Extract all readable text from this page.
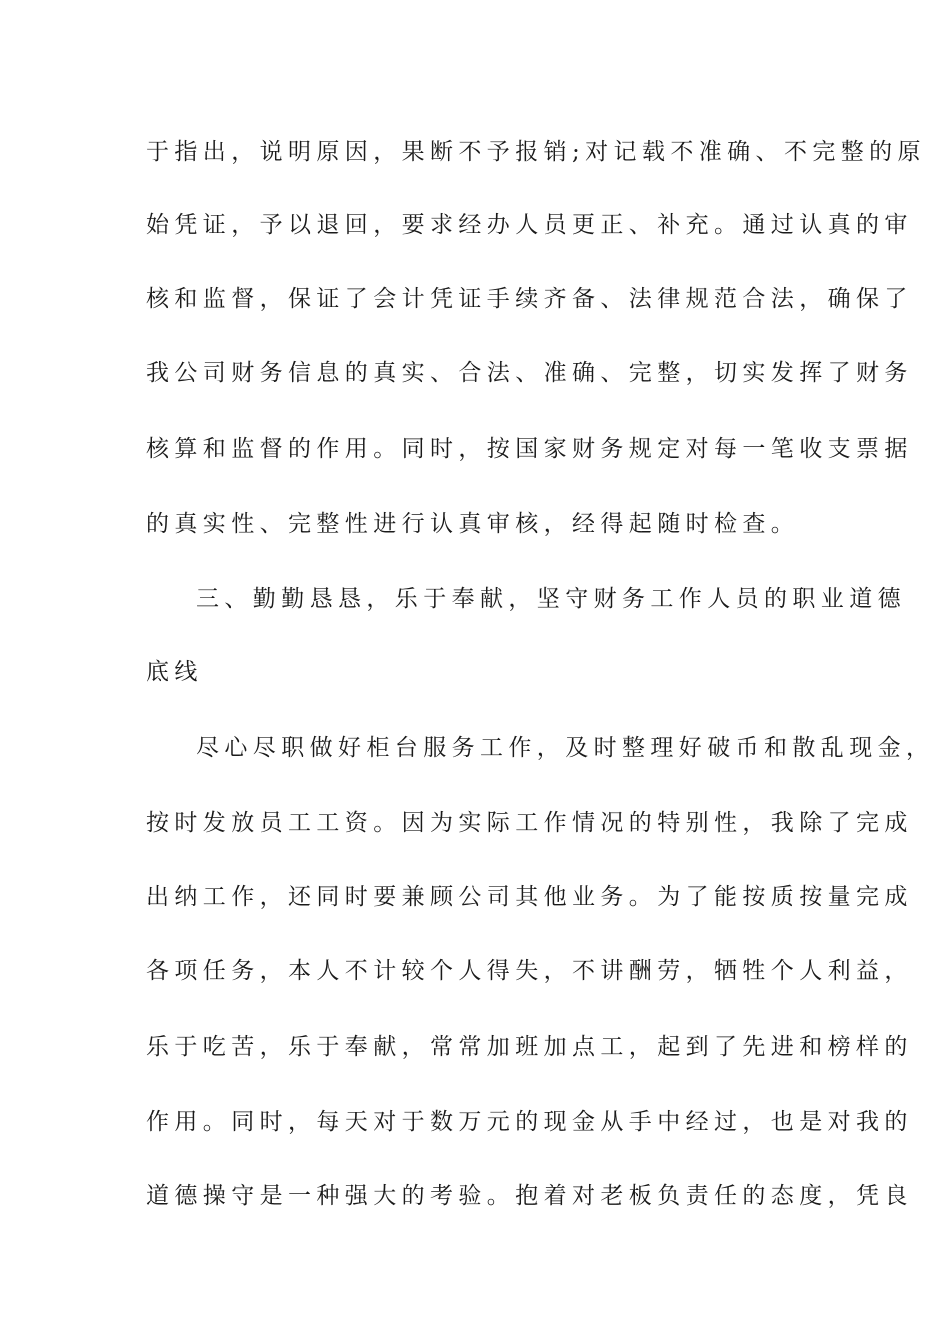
于指出，说明原因，果断不予报销;对记载不准确、不完整的原
始凭证，予以退回，要求经办人员更正、补充。通过认真的审
核和监督，保证了会计凭证手续齐备、法律规范合法，确保了
我公司财务信息的真实、合法、准确、完整，切实发挥了财务
核算和监督的作用。同时，按国家财务规定对每一笔收支票据
的真实性、完整性进行认真审核，经得起随时检查。
三、勤勤恳恳，乐于奉献，坚守财务工作人员的职业道德
底线
尽心尽职做好柜台服务工作，及时整理好破币和散乱现金，
按时发放员工工资。因为实际工作情况的特别性，我除了完成
出纳工作，还同时要兼顾公司其他业务。为了能按质按量完成
各项任务，本人不计较个人得失，不讲酬劳，牺牲个人利益，
乐于吃苦，乐于奉献，常常加班加点工，起到了先进和榜样的
作用。同时，每天对于数万元的现金从手中经过，也是对我的
道德操守是一种强大的考验。抱着对老板负责任的态度，凭良
